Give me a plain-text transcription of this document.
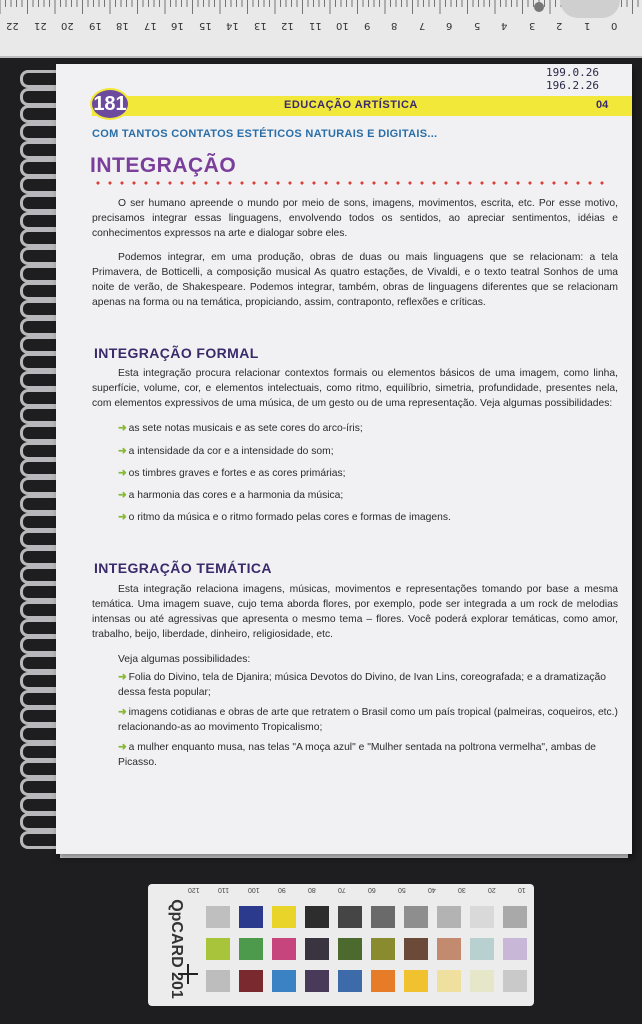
22 21 20 19 18 17 16 15 14 13 12 11 10 9 8 7 6 5 4 3 2 1 0
199.0.26
196.2.26
181	EDUCAÇÃO ARTÍSTICA	04
COM TANTOS CONTATOS ESTÉTICOS NATURAIS E DIGITAIS...
INTEGRAÇÃO
O ser humano apreende o mundo por meio de sons, imagens, movimentos, escrita, etc. Por esse motivo, precisamos integrar essas linguagens, envolvendo todos os sentidos, ao apreciar sentimentos, idéias e conhecimentos expressos na arte e dialogar sobre eles.
Podemos integrar, em uma produção, obras de duas ou mais linguagens que se relacionam: a tela Primavera, de Botticelli, a composição musical As quatro estações, de Vivaldi, e o texto teatral Sonhos de uma noite de verão, de Shakespeare. Podemos integrar, também, obras de linguagens diferentes que se relacionam apenas na forma ou na temática, propiciando, assim, contraponto, reflexões e críticas.
INTEGRAÇÃO FORMAL
Esta integração procura relacionar contextos formais ou elementos básicos de uma imagem, como linha, superfície, volume, cor, e elementos intelectuais, como ritmo, equilíbrio, simetria, profundidade, presentes nela, com elementos expressivos de uma música, de um gesto ou de uma representação. Veja algumas possibilidades:
➜ as sete notas musicais e as sete cores do arco-íris;
➜ a intensidade da cor e a intensidade do som;
➜ os timbres graves e fortes e as cores primárias;
➜ a harmonia das cores e a harmonia da música;
➜ o ritmo da música e o ritmo formado pelas cores e formas de imagens.
INTEGRAÇÃO TEMÁTICA
Esta integração relaciona imagens, músicas, movimentos e representações tomando por base a mesma temática. Uma imagem suave, cujo tema aborda flores, por exemplo, pode ser integrada a um rock de melodias intensas ou até agressivas que apresenta o mesmo tema – flores. Você poderá explorar temáticas, como amor, trabalho, beijo, liberdade, dinheiro, religiosidade, etc.
Veja algumas possibilidades:
➜ Folia do Divino, tela de Djanira; música Devotos do Divino, de Ivan Lins, coreografada; e a dramatização dessa festa popular;
➜ imagens cotidianas e obras de arte que retratem o Brasil como um país tropical (palmeiras, coqueiros, etc.) relacionando-as ao movimento Tropicalismo;
➜ a mulher enquanto musa, nas telas "A moça azul" e "Mulher sentada na poltrona vermelha", ambas de Picasso.
120	110	100	90	80	70	60	50	40	30	20	10
QpCARD 201
